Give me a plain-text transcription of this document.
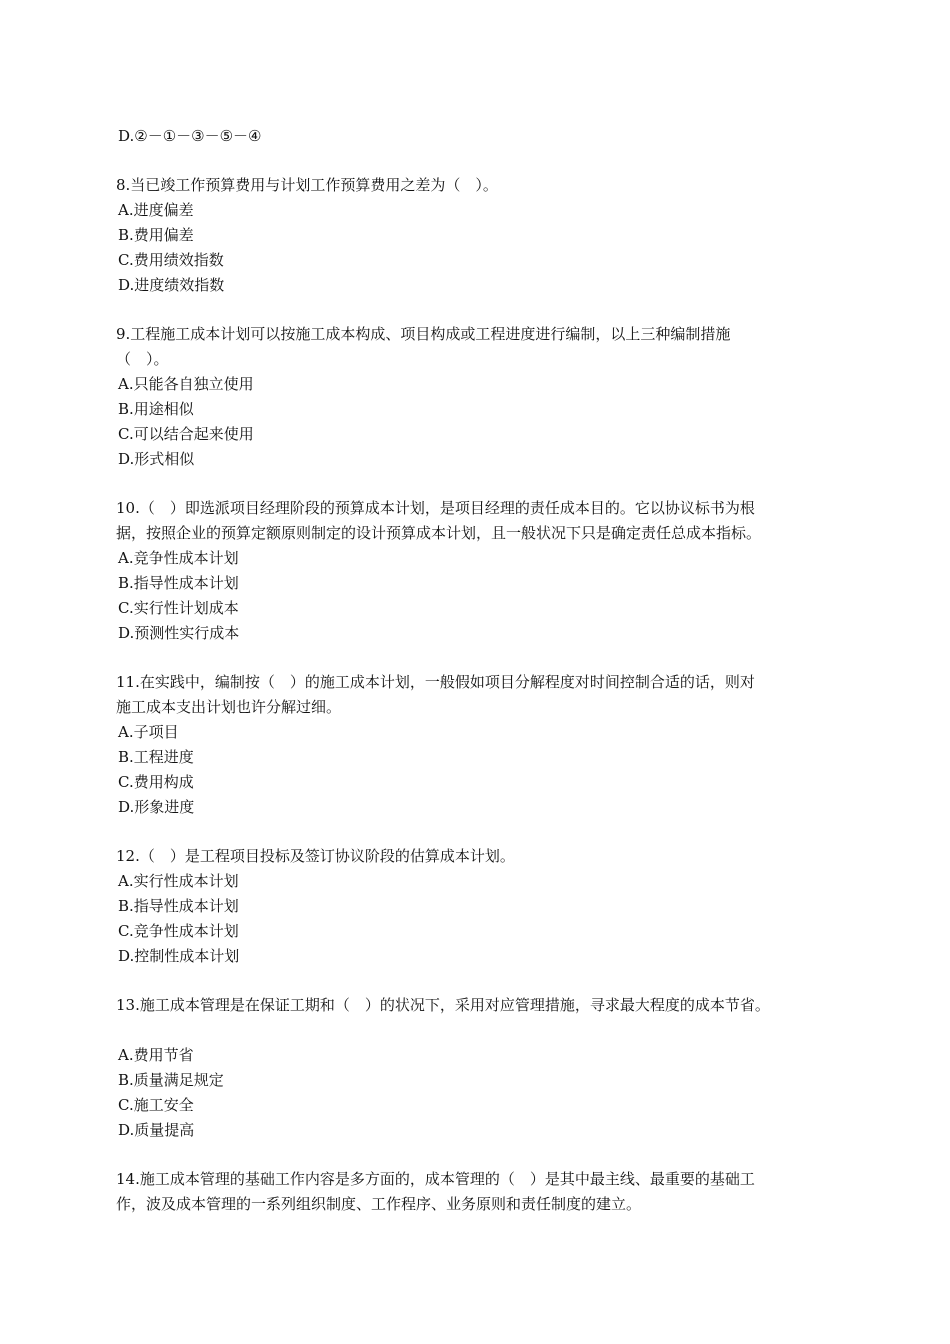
D.②－①－③－⑤－④

8.当已竣工作预算费用与计划工作预算费用之差为（　）。

A.进度偏差

B.费用偏差

C.费用绩效指数

D.进度绩效指数

9.工程施工成本计划可以按施工成本构成、项目构成或工程进度进行编制，以上三种编制措施
（　）。

A.只能各自独立使用

B.用途相似

C.可以结合起来使用

D.形式相似

10.（　）即选派项目经理阶段的预算成本计划，是项目经理的责任成本目的。它以协议标书为根
据，按照企业的预算定额原则制定的设计预算成本计划，且一般状况下只是确定责任总成本指标。

A.竞争性成本计划

B.指导性成本计划

C.实行性计划成本

D.预测性实行成本

11.在实践中，编制按（　）的施工成本计划，一般假如项目分解程度对时间控制合适的话，则对
施工成本支出计划也许分解过细。

A.子项目

B.工程进度

C.费用构成

D.形象进度

12.（　）是工程项目投标及签订协议阶段的估算成本计划。

A.实行性成本计划

B.指导性成本计划

C.竞争性成本计划

D.控制性成本计划

13.施工成本管理是在保证工期和（　）的状况下，采用对应管理措施，寻求最大程度的成本节省。

A.费用节省

B.质量满足规定

C.施工安全

D.质量提高

14.施工成本管理的基础工作内容是多方面的，成本管理的（　）是其中最主线、最重要的基础工
作，波及成本管理的一系列组织制度、工作程序、业务原则和责任制度的建立。
